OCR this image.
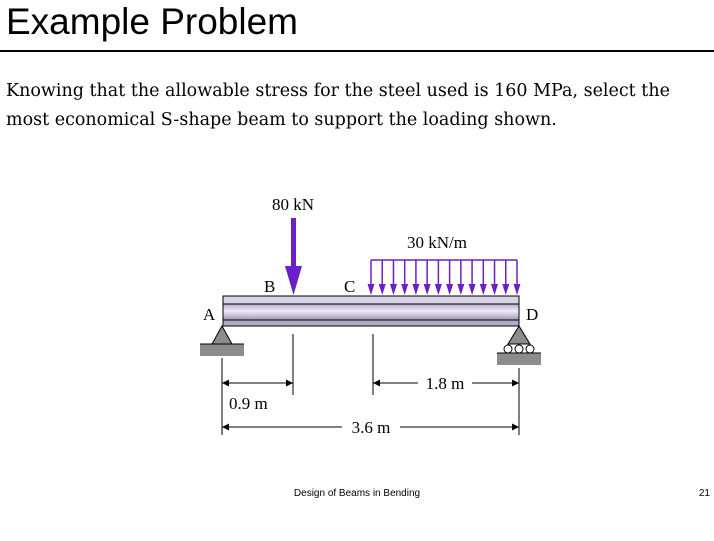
Example Problem
Knowing that the allowable stress for the steel used is 160 MPa, select the most economical S-shape beam to support the loading shown.
80 kN
30 kN/m
A
B	C
D
1.8 m
0.9 m
3.6 m
Design of Beams in Bending	21
